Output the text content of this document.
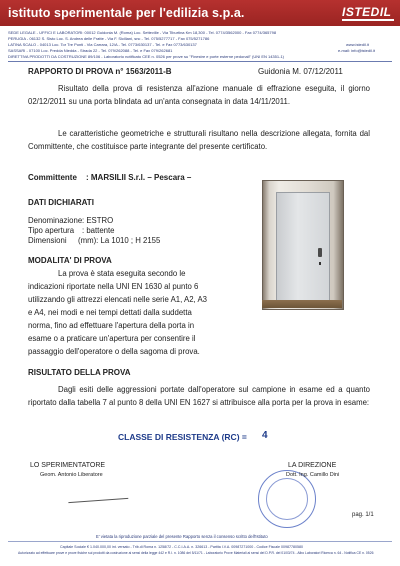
istituto sperimentale per l'edilizia s.p.a.	ISTEDIL
SEDE LEGALE - UFFICI E LABORATORI: 00012 Guidonia M. (Roma) Loc. Setteville - Via Tiburtina Km 18,300 - Tel. 0774/3562000 - Fax 0774/365798
PERUGIA - 06132 S. Sisto Loc. S. Andrea delle Fratte - Via F. Siciliani, snc - Tel. 075/5277717 - Fax 075/5271786
LATINA SCALO - 04013 Loc. Tor Tre Ponti - Via Carrara, 12/A - Tel. 0773/630137 - Tel. e Fax 0773/630137	www.istedil.it
SASSARI - 07100 Loc. Predda Niedda - Strada 22 - Tel. 079/262088 - Tel. e Fax 079/262681	e-mail: info@istedil.it
DIRETTIVA PRODOTTI DA COSTRUZIONE 89/106 - Laboratorio notificato CEE n. 0526 per prove su "Finestre e porte esterne pedonali" (UNI EN 14351-1)
RAPPORTO DI PROVA n° 1563/2011-B	Guidonia M. 07/12/2011
Risultato della prova di resistenza all'azione manuale di effrazione eseguita, il giorno 02/12/2011 su una porta blindata ad un'anta consegnata in data 14/11/2011.
Le caratteristiche geometriche e strutturali risultano nella descrizione allegata, fornita dal Committente, che costituisce parte integrante del presente certificato.
Committente : MARSILII S.r.l. – Pescara –
DATI DICHIARATI
Denominazione : ESTRO
Tipo apertura : battente
Dimensioni (mm): La 1010 ; H 2155
MODALITA' DI PROVA
La prova è stata eseguita secondo le
indicazioni riportate nella UNI EN 1630 al punto 6
utilizzando gli attrezzi elencati nelle serie A1, A2, A3
e A4, nei modi e nei tempi dettati dalla suddetta
norma, fino ad effettuare l'apertura della porta in
esame o a praticare un'apertura per consentire il
passaggio dell'operatore o della sagoma di prova.
RISULTATO DELLA PROVA
Dagli esiti delle aggressioni portate dall'operatore sul campione in esame ed a quanto riportato dalla tabella 7 al punto 8 della UNI EN 1627 si attribuisce alla porta per la prova in esame:
CLASSE DI RESISTENZA (RC) = 4
LO SPERIMENTATORE
Geom. Antonio Liberatore
LA DIREZIONE
Dott. Ing. Camillo Dini
pag. 1/1
E' vietata la riproduzione parziale del presente Rapporto senza il consenso scritto dell'Istituto
Capitale Sociale € 1.040.000,00 int. versato - Trib.di Roma n. 1258/72 - C.C.I.A.A. n. 326613 - Partita I.V.A. 00987271000 - Codice Fiscale 00987780580
Autorizzato ad effettuare prove e prove fisiche sui prodotti da costruzione ai sensi della legge 442 e R.I. n. 1086 del 5/11/71 - Laboratorio Prove Materiali ai sensi del D.P.R. del 01/03/74 - Albo Laboratori Ricerca n. 64 - Notifica CE n. 0526
